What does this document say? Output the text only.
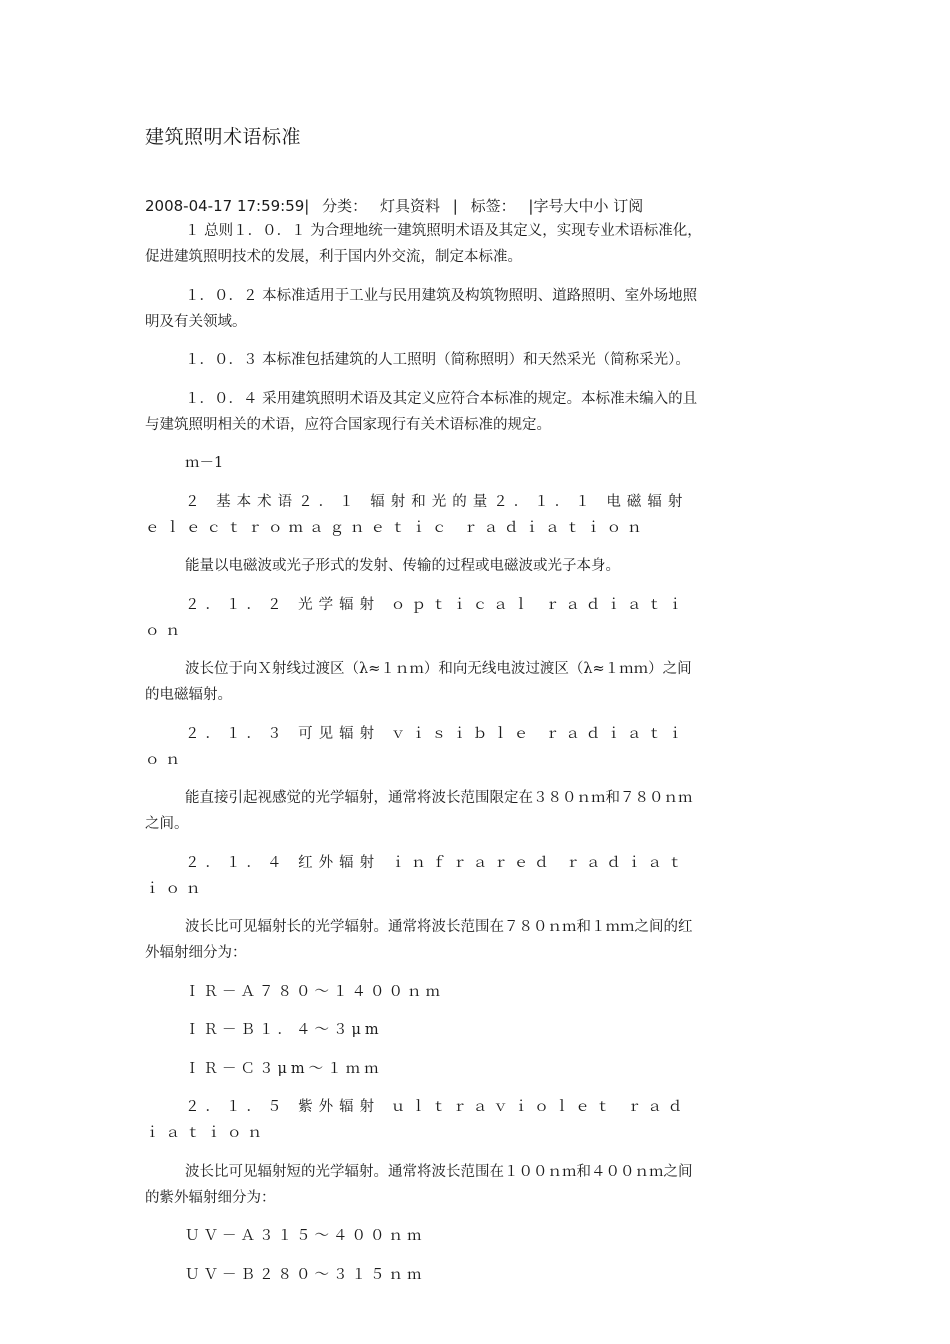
建筑照明术语标准
2008-04-17 17:59:59| 分类： 灯具资料 | 标签： |字号大中小 订阅

１ 总则１．０．１ 为合理地统一建筑照明术语及其定义，实现专业术语标准化，促进建筑照明技术的发展，利于国内外交流，制定本标准。

１．０．２ 本标准适用于工业与民用建筑及构筑物照明、道路照明、室外场地照明及有关领域。

１．０．３ 本标准包括建筑的人工照明（简称照明）和天然采光（简称采光）。

１．０．４ 采用建筑照明术语及其定义应符合本标准的规定。本标准未编入的且与建筑照明相关的术语，应符合国家现行有关术语标准的规定。

ｍ－1

２ 基本术语２．１ 辐射和光的量２．１．１ 电磁辐射 ｅｌｅｃｔｒｏｍａｇｎｅｔｉｃ ｒａｄｉａｔｉｏｎ

能量以电磁波或光子形式的发射、传输的过程或电磁波或光子本身。

２．１．２ 光学辐射 ｏｐｔｉｃａｌ ｒａｄｉａｔｉｏｎ

波长位于向Ｘ射线过渡区（λ≈１ｎｍ）和向无线电波过渡区（λ≈１ｍｍ）之间的电磁辐射。

２．１．３ 可见辐射 ｖｉｓｉｂｌｅ ｒａｄｉａｔｉｏｎ

能直接引起视感觉的光学辐射，通常将波长范围限定在３８０ｎｍ和７８０ｎｍ之间。

２．１．４ 红外辐射 ｉｎｆｒａｒｅｄ ｒａｄｉａｔｉｏｎ

波长比可见辐射长的光学辐射。通常将波长范围在７８０ｎｍ和１ｍｍ之间的红外辐射细分为：

ＩＲ－Ａ７８０～１４００ｎｍ

ＩＲ－Ｂ１．４～３μm

ＩＲ－Ｃ３μm～１ｍｍ

２．１．５ 紫外辐射 ｕｌｔｒａｖｉｏｌｅｔ ｒａｄｉａｔｉｏｎ

波长比可见辐射短的光学辐射。通常将波长范围在１００ｎｍ和４００ｎｍ之间的紫外辐射细分为：

ＵＶ－Ａ３１５～４００ｎｍ

ＵＶ－Ｂ２８０～３１５ｎｍ
